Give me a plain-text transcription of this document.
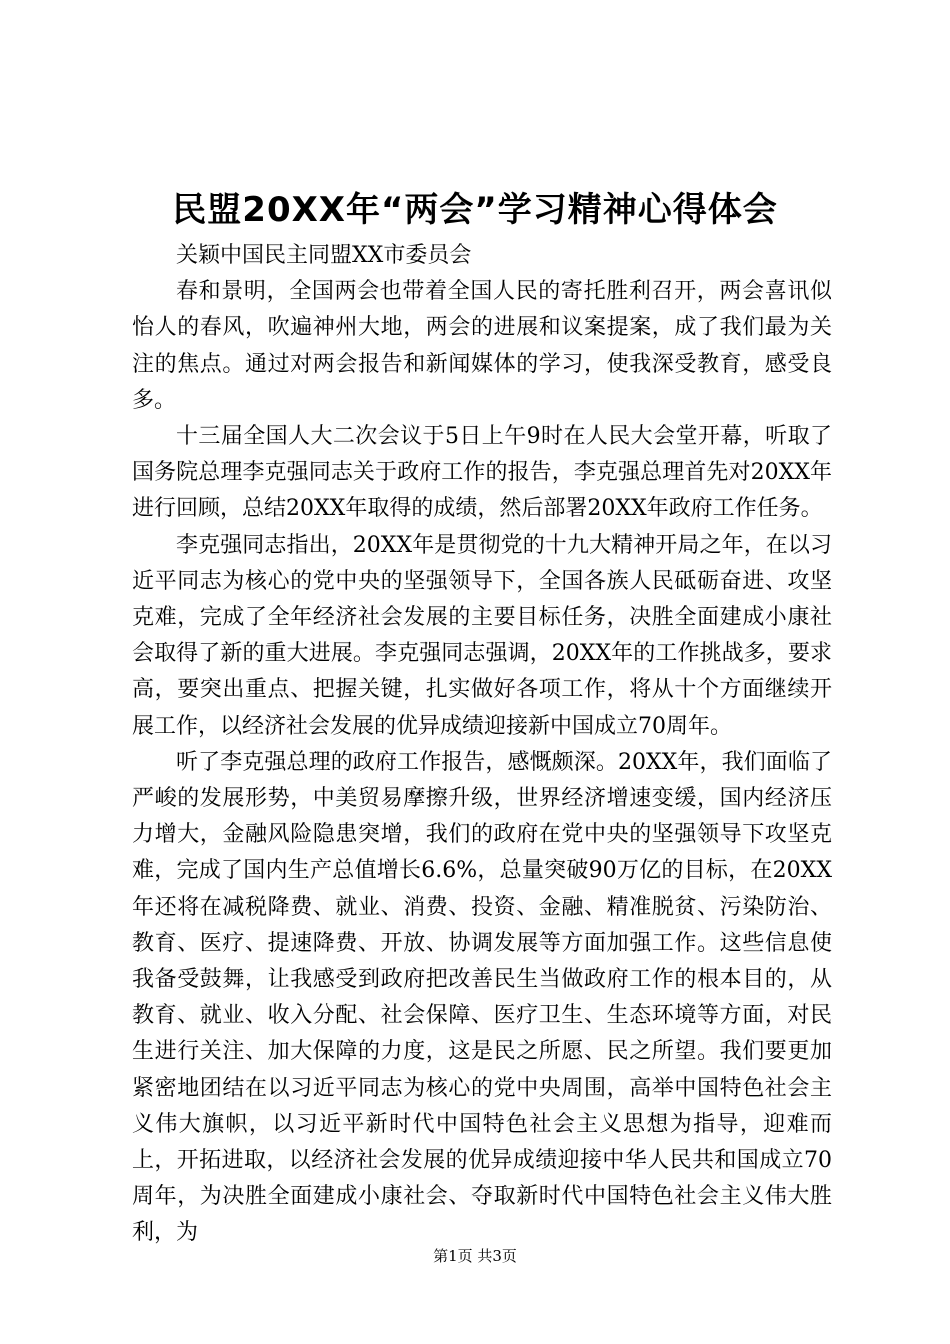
民盟20XX年“两会”学习精神心得体会

关颖中国民主同盟XX市委员会

春和景明，全国两会也带着全国人民的寄托胜利召开，两会喜讯似怡人的春风，吹遍神州大地，两会的进展和议案提案，成了我们最为关注的焦点。通过对两会报告和新闻媒体的学习，使我深受教育，感受良多。

十三届全国人大二次会议于5日上午9时在人民大会堂开幕，听取了国务院总理李克强同志关于政府工作的报告，李克强总理首先对20XX年进行回顾，总结20XX年取得的成绩，然后部署20XX年政府工作任务。

李克强同志指出，20XX年是贯彻党的十九大精神开局之年，在以习近平同志为核心的党中央的坚强领导下，全国各族人民砥砺奋进、攻坚克难，完成了全年经济社会发展的主要目标任务，决胜全面建成小康社会取得了新的重大进展。李克强同志强调，20XX年的工作挑战多，要求高，要突出重点、把握关键，扎实做好各项工作，将从十个方面继续开展工作，以经济社会发展的优异成绩迎接新中国成立70周年。

听了李克强总理的政府工作报告，感慨颇深。20XX年，我们面临了严峻的发展形势，中美贸易摩擦升级，世界经济增速变缓，国内经济压力增大，金融风险隐患突增，我们的政府在党中央的坚强领导下攻坚克难，完成了国内生产总值增长6.6%，总量突破90万亿的目标，在20XX年还将在减税降费、就业、消费、投资、金融、精准脱贫、污染防治、教育、医疗、提速降费、开放、协调发展等方面加强工作。这些信息使我备受鼓舞，让我感受到政府把改善民生当做政府工作的根本目的，从教育、就业、收入分配、社会保障、医疗卫生、生态环境等方面，对民生进行关注、加大保障的力度，这是民之所愿、民之所望。我们要更加紧密地团结在以习近平同志为核心的党中央周围，高举中国特色社会主义伟大旗帜，以习近平新时代中国特色社会主义思想为指导，迎难而上，开拓进取，以经济社会发展的优异成绩迎接中华人民共和国成立70周年，为决胜全面建成小康社会、夺取新时代中国特色社会主义伟大胜利，为

第1页 共3页
